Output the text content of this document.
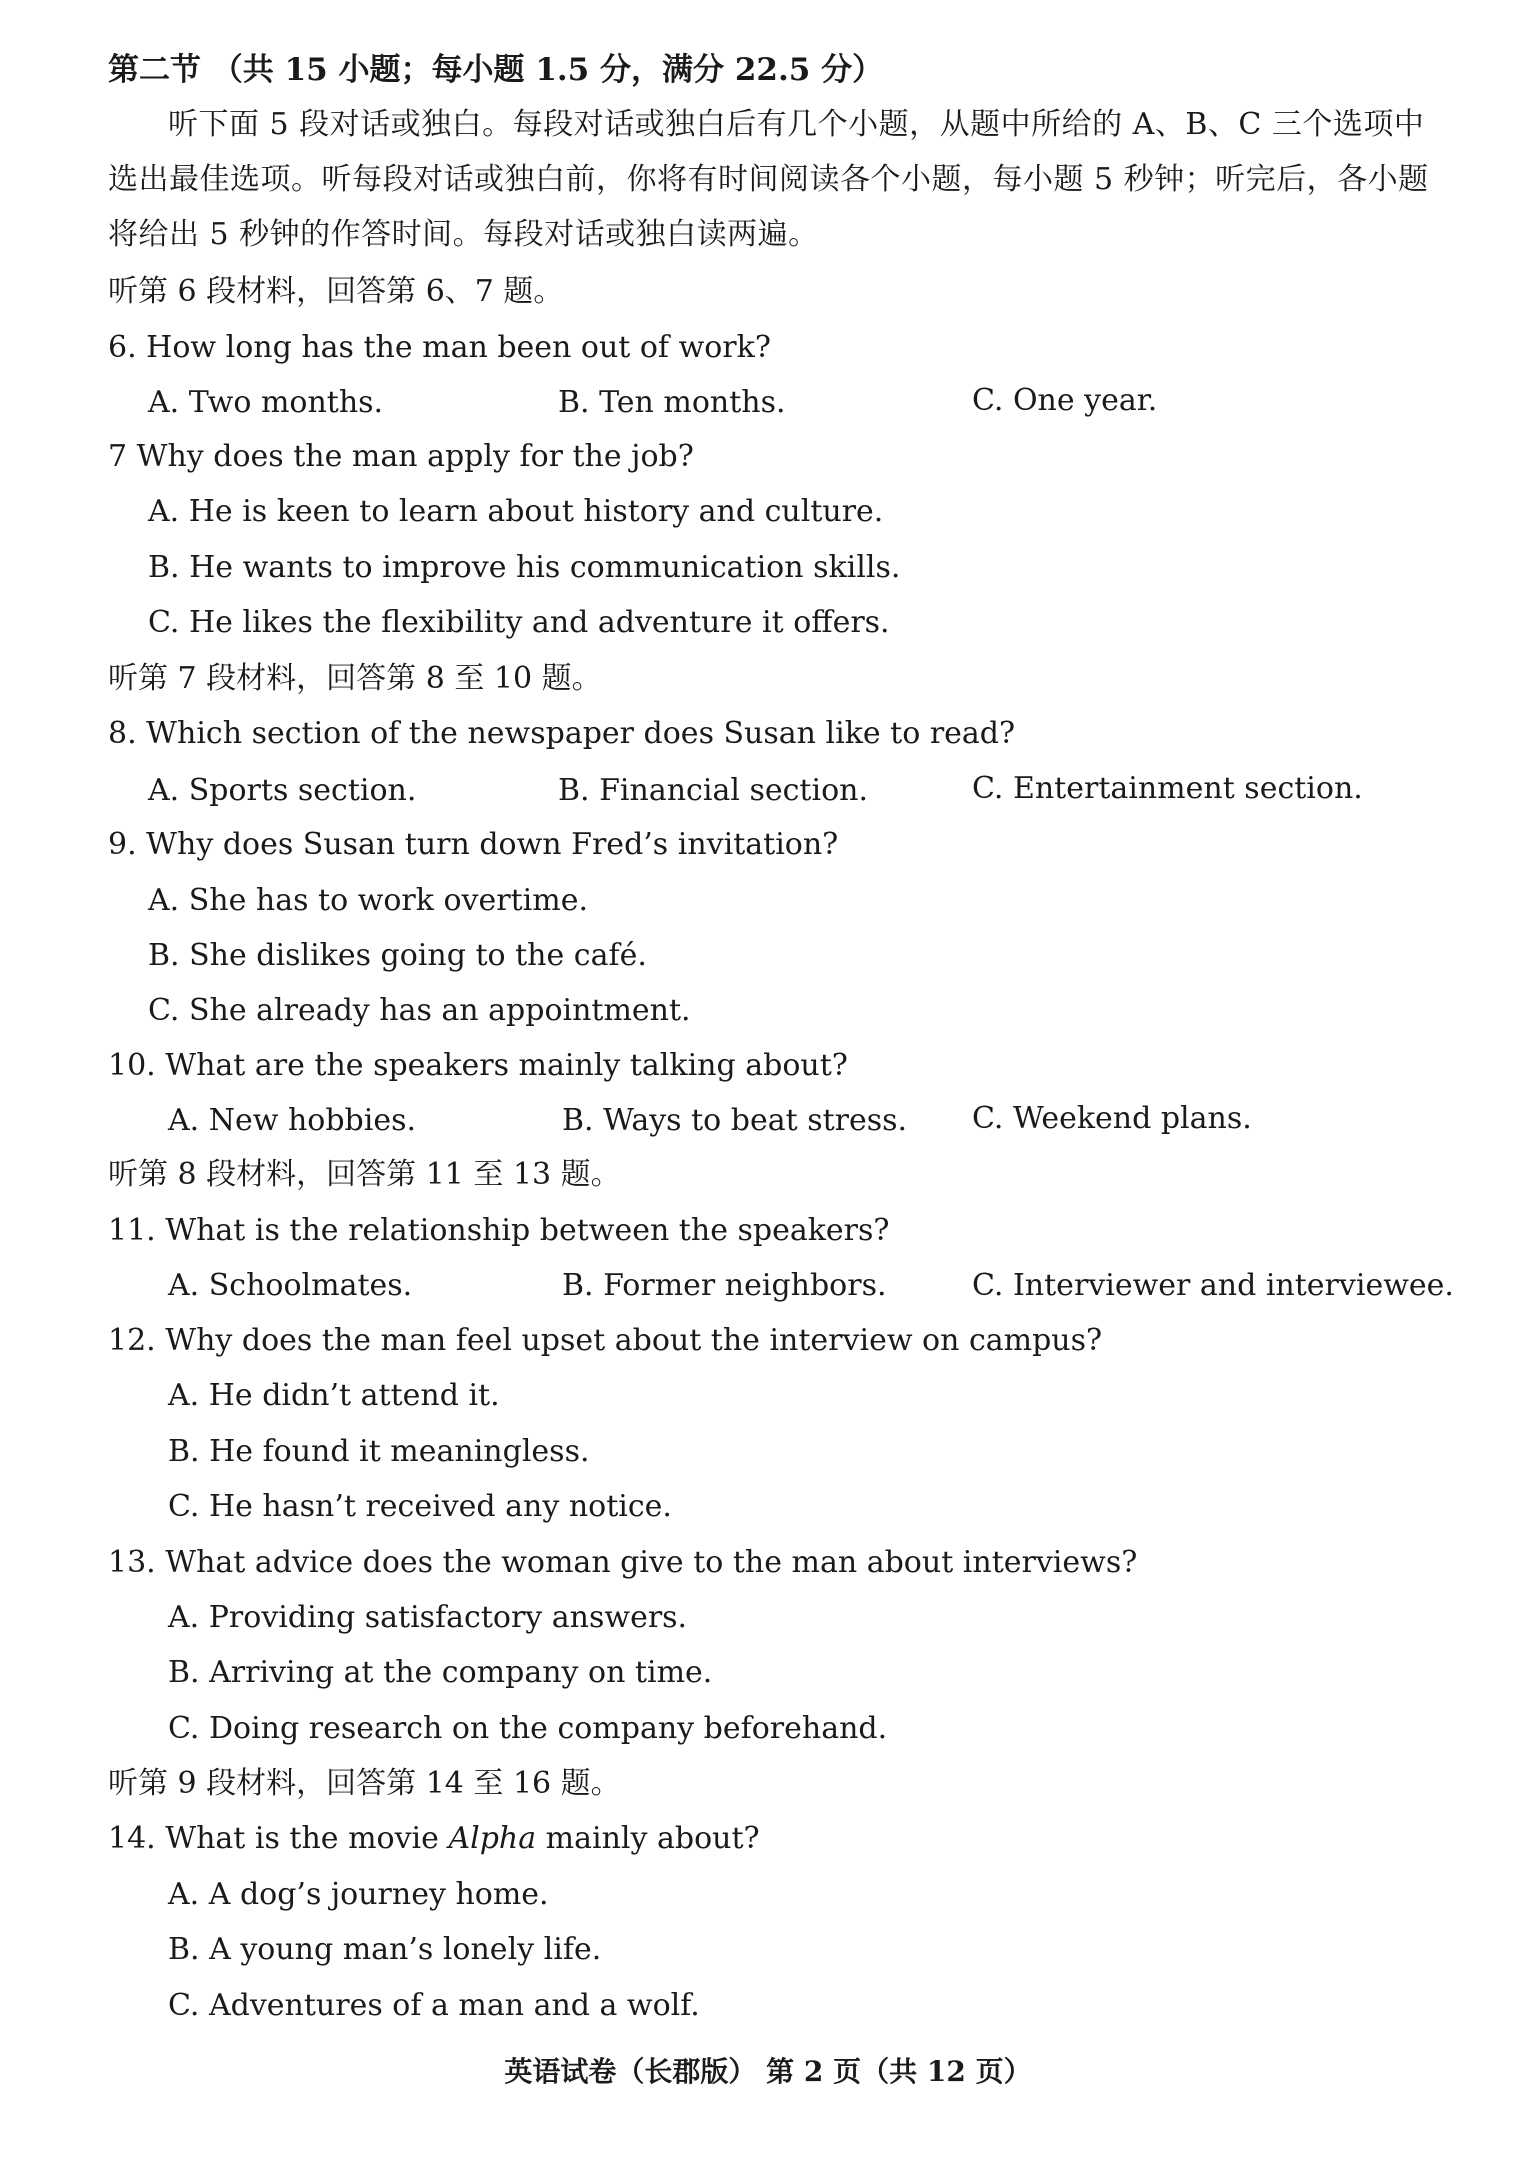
第二节 （共 15 小题；每小题 1.5 分，满分 22.5 分）
听下面 5 段对话或独白。每段对话或独白后有几个小题，从题中所给的 A、B、C 三个选项中
选出最佳选项。听每段对话或独白前，你将有时间阅读各个小题，每小题 5 秒钟；听完后，各小题
将给出 5 秒钟的作答时间。每段对话或独白读两遍。
听第 6 段材料，回答第 6、7 题。
6. How long has the man been out of work?
A. Two months.	B. Ten months.	C. One year.
7 Why does the man apply for the job?
A. He is keen to learn about history and culture.
B. He wants to improve his communication skills.
C. He likes the flexibility and adventure it offers.
听第 7 段材料，回答第 8 至 10 题。
8. Which section of the newspaper does Susan like to read?
A. Sports section.	B. Financial section.	C. Entertainment section.
9. Why does Susan turn down Fred’s invitation?
A. She has to work overtime.
B. She dislikes going to the café.
C. She already has an appointment.
10. What are the speakers mainly talking about?
A. New hobbies.	B. Ways to beat stress. C. Weekend plans.
听第 8 段材料，回答第 11 至 13 题。
11. What is the relationship between the speakers?
A. Schoolmates.	B. Former neighbors.	C. Interviewer and interviewee.
12. Why does the man feel upset about the interview on campus?
A. He didn’t attend it.
B. He found it meaningless.
C. He hasn’t received any notice.
13. What advice does the woman give to the man about interviews?
A. Providing satisfactory answers.
B. Arriving at the company on time.
C. Doing research on the company beforehand.
听第 9 段材料，回答第 14 至 16 题。
14. What is the movie Alpha mainly about?
A. A dog’s journey home.
B. A young man’s lonely life.
C. Adventures of a man and a wolf.
英语试卷（长郡版） 第 2 页（共 12 页）
